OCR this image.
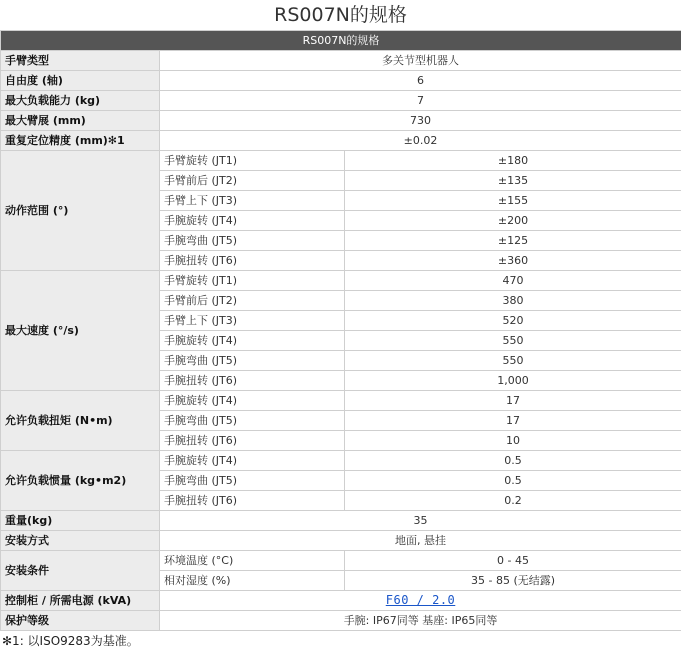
RS007N的规格
RS007N的规格		
手臂类型	多关节型机器人	
自由度 (轴)	6	
最大负载能力 (kg)	7	
最大臂展 (mm)	730	
重复定位精度 (mm)✻1	±0.02	
动作范围 (°)	手臂旋转 (JT1)	±180
	手臂前后 (JT2)	±135
	手臂上下 (JT3)	±155
	手腕旋转 (JT4)	±200
	手腕弯曲 (JT5)	±125
	手腕扭转 (JT6)	±360
最大速度 (°/s)	手臂旋转 (JT1)	470
	手臂前后 (JT2)	380
	手臂上下 (JT3)	520
	手腕旋转 (JT4)	550
	手腕弯曲 (JT5)	550
	手腕扭转 (JT6)	1,000
允许负载扭矩 (N•m)	手腕旋转 (JT4)	17
	手腕弯曲 (JT5)	17
	手腕扭转 (JT6)	10
允许负载惯量 (kg•m2)	手腕旋转 (JT4)	0.5
	手腕弯曲 (JT5)	0.5
	手腕扭转 (JT6)	0.2
重量(kg)	35	
安装方式	地面, 悬挂	
安装条件	环境温度 (°C)	0 - 45
	相对湿度 (%)	35 - 85 (无结露)
控制柜 / 所需电源 (kVA)	F60 / 2.0	
保护等级	手腕: IP67同等 基座: IP65同等	
✻1: 以ISO9283为基准。
